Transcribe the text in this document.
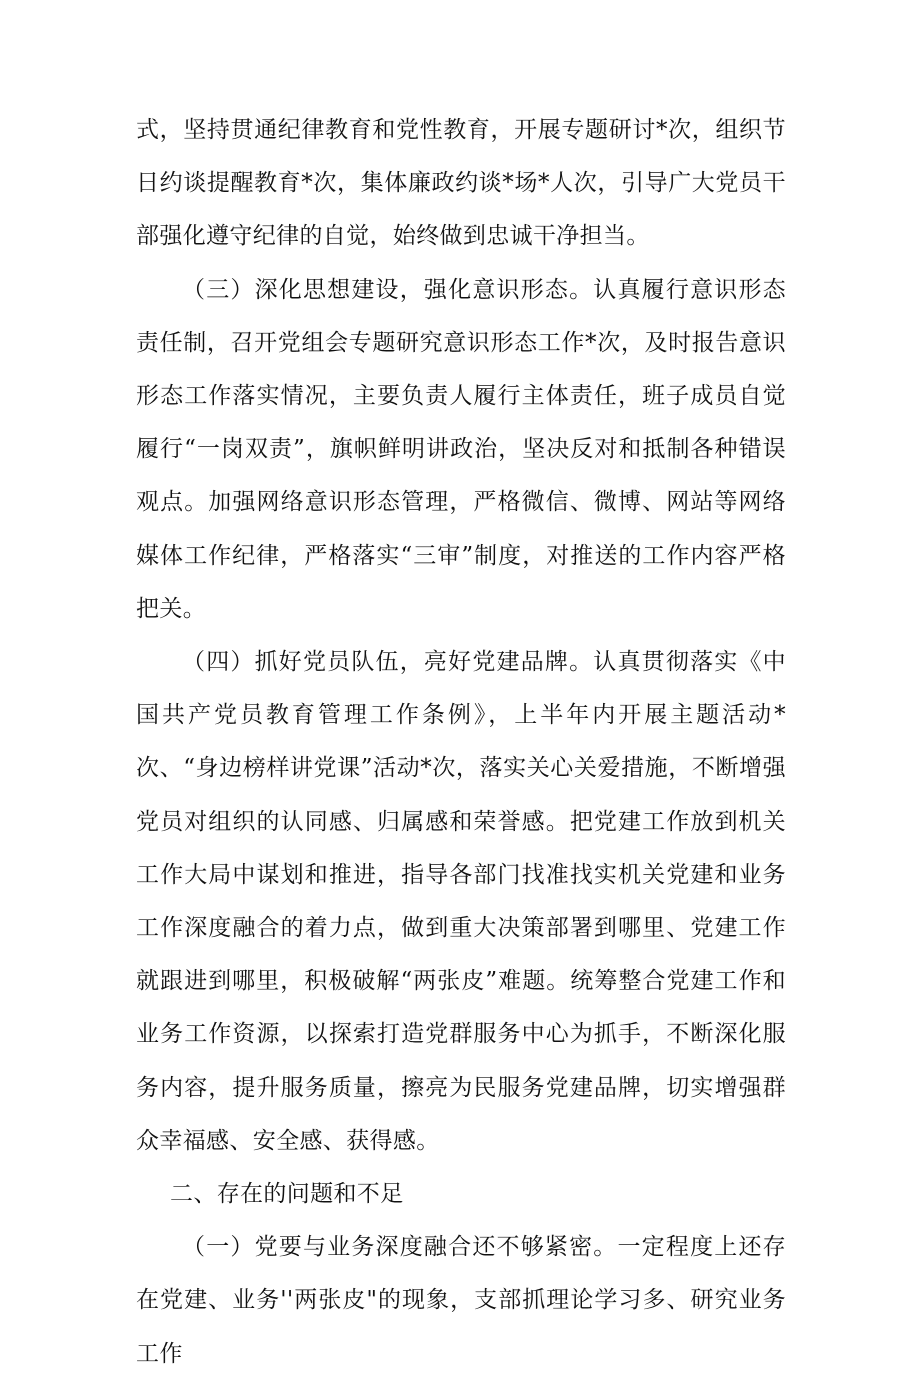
式，坚持贯通纪律教育和党性教育，开展专题研讨*次，组织节日约谈提醒教育*次，集体廉政约谈*场*人次，引导广大党员干部强化遵守纪律的自觉，始终做到忠诚干净担当。

（三）深化思想建设，强化意识形态。认真履行意识形态责任制，召开党组会专题研究意识形态工作*次，及时报告意识形态工作落实情况，主要负责人履行主体责任，班子成员自觉履行“一岗双责”，旗帜鲜明讲政治，坚决反对和抵制各种错误观点。加强网络意识形态管理，严格微信、微博、网站等网络媒体工作纪律，严格落实“三审”制度，对推送的工作内容严格把关。

（四）抓好党员队伍，亮好党建品牌。认真贯彻落实《中国共产党员教育管理工作条例》，上半年内开展主题活动*次、“身边榜样讲党课”活动*次，落实关心关爱措施，不断增强党员对组织的认同感、归属感和荣誉感。把党建工作放到机关工作大局中谋划和推进，指导各部门找准找实机关党建和业务工作深度融合的着力点，做到重大决策部署到哪里、党建工作就跟进到哪里，积极破解“两张皮”难题。统筹整合党建工作和业务工作资源，以探索打造党群服务中心为抓手，不断深化服务内容，提升服务质量，擦亮为民服务党建品牌，切实增强群众幸福感、安全感、获得感。

二、存在的问题和不足

（一）党要与业务深度融合还不够紧密。一定程度上还存在党建、业务''两张皮"的现象，支部抓理论学习多、研究业务工作
